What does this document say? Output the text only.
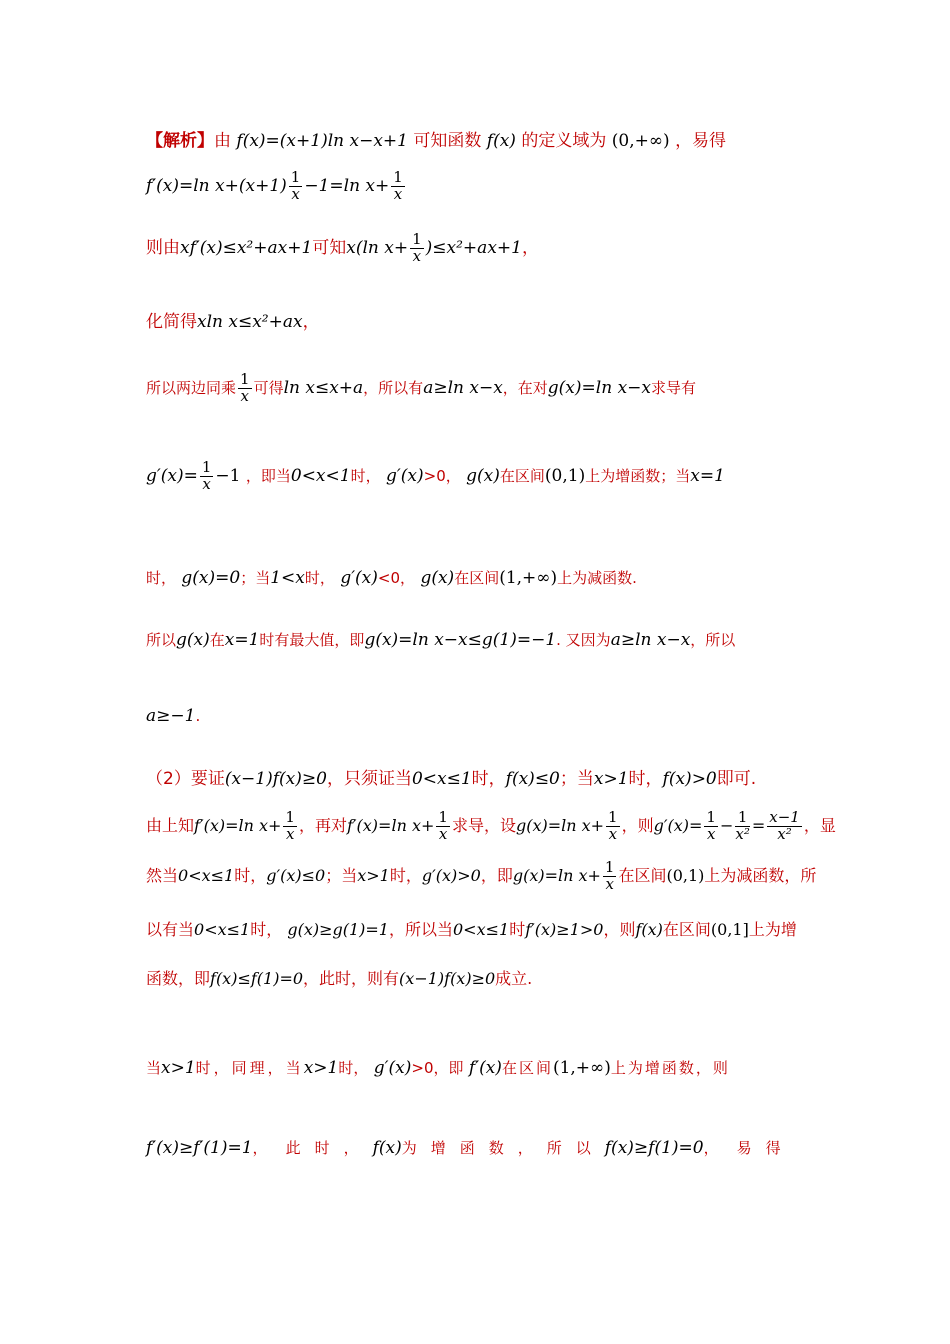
【解析】由 f(x)=(x+1)ln x−x+1 可知函数 f(x) 的定义域为 (0,+∞) ，易得
f′(x)=ln $x+(x+1) \frac{1}{x} -1=\ln$ $x+ \frac{1}{x}$
则由xf′(x)≤x²+ax+1可知x(ln $x+ \frac{1}{x} )\le x^2+ax+1$，
化简得xln x≤x²+ax，
所以两边同乘 $\frac{1}{x}$ 可得ln x≤x+a，所以有a≥ln x−x，在对g(x)=ln x−x求导有
$g'(x)= \frac{1}{x} -1$ ，即当0<x<1时， g′(x)>0， g(x)在区间(0,1)上为增函数；当x=1
时， g(x)=0；当1<x时， g′(x)<0， g(x)在区间(1,+∞)上为减函数.
所以g(x)在x=1时有最大值，即g(x)=ln x−x≤g(1)=−1. 又因为a≥ln x−x，所以
a≥−1.
（2）要证(x−1)f(x)≥0，只须证当0<x≤1时，f(x)≤0；当x>1时，f(x)>0即可.
由上知f′(x)=ln $x+ \frac{1}{x}$ ，再对f′(x)=ln $x+ \frac{1}{x}$ 求导，设g(x)=ln $x+ \frac{1}{x}$ ，则$g'(x)= \frac{1}{x} - \frac{1}{\text{x²}} = \frac{x-1}{\text{x²}}$ ，显
然当0<x≤1时，g′(x)≤0；当x>1时，g′(x)>0，即g(x)=ln $x+ \frac{1}{x}$ 在区间(0,1)上为减函数，所
以有当0<x≤1时， g(x)≥g(1)=1，所以当0<x≤1时f′(x)≥1>0，则f(x)在区间(0,1]上为增
函数，即f(x)≤f(1)=0，此时，则有(x−1)f(x)≥0成立.
当x>1时，同理，当x>1时， g′(x)>0，即 f′(x)在区间(1,+∞)上为增函数，则
f′(x)≥f′(1)=1， 此时，f(x)为增函数，所以f(x)≥f(1)=0， 易得
